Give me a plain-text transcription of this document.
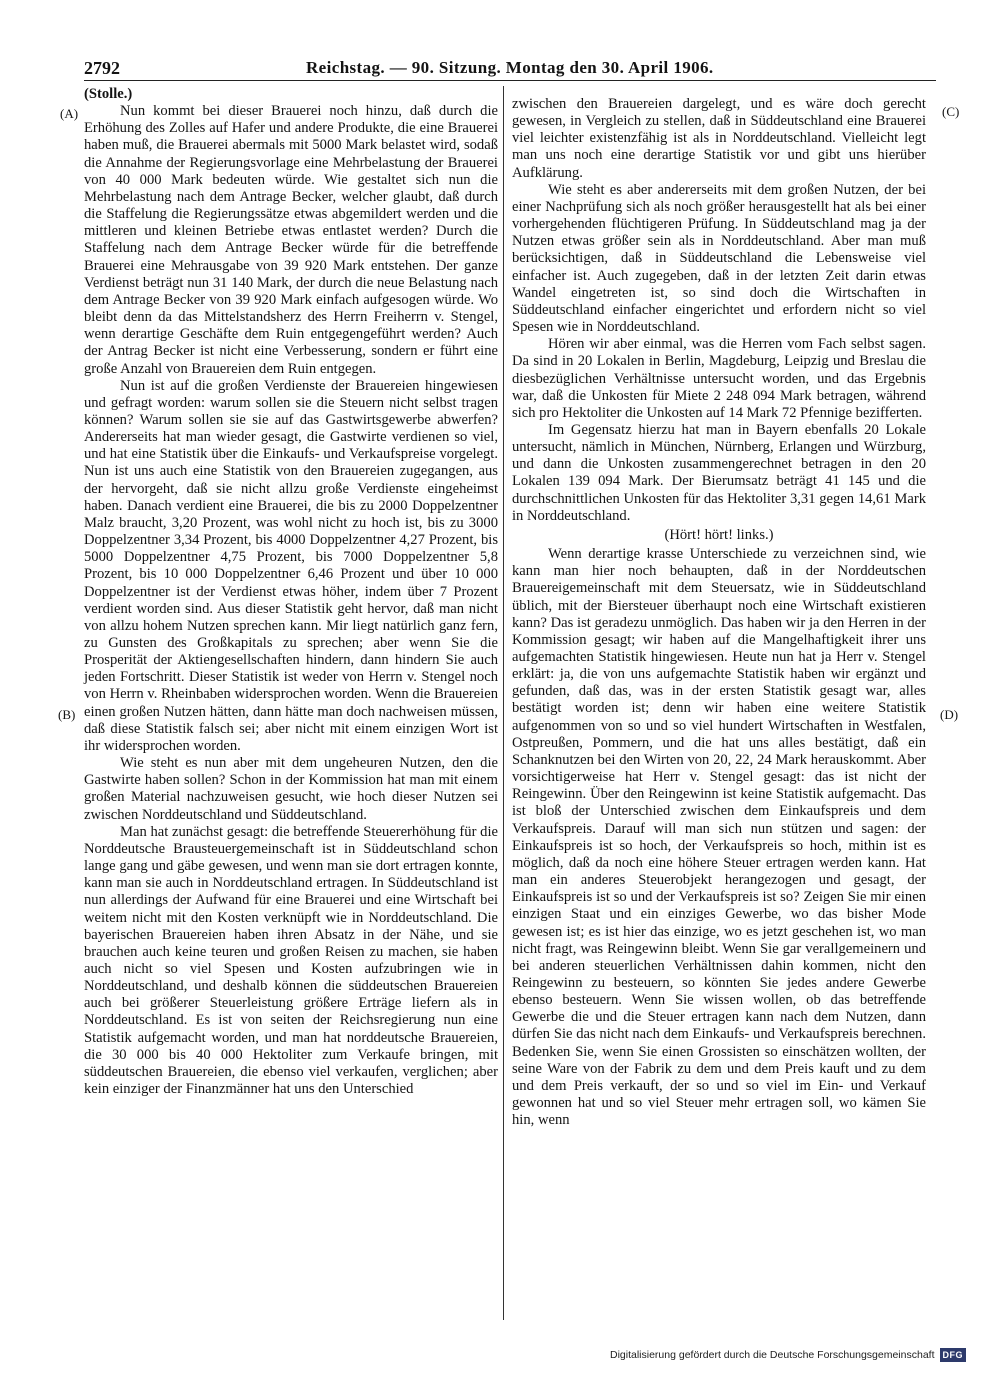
2792	Reichstag. — 90. Sitzung. Montag den 30. April 1906.
(A)
(B)
(C)
(D)

(Stolle.)

Nun kommt bei dieser Brauerei noch hinzu, daß durch die Erhöhung des Zolles auf Hafer und andere Produkte, die eine Brauerei haben muß, die Brauerei abermals mit 5000 Mark belastet wird, sodaß die Annahme der Regierungsvorlage eine Mehrbelastung der Brauerei von 40 000 Mark bedeuten würde. Wie gestaltet sich nun die Mehrbelastung nach dem Antrage Becker, welcher glaubt, daß durch die Staffelung die Regierungssätze etwas abgemildert werden und die mittleren und kleinen Betriebe etwas entlastet werden? Durch die Staffelung nach dem Antrage Becker würde für die betreffende Brauerei eine Mehrausgabe von 39 920 Mark entstehen. Der ganze Verdienst beträgt nun 31 140 Mark, der durch die neue Belastung nach dem Antrage Becker von 39 920 Mark einfach aufgesogen würde. Wo bleibt denn da das Mittelstandsherz des Herrn Freiherrn v. Stengel, wenn derartige Geschäfte dem Ruin entgegengeführt werden? Auch der Antrag Becker ist nicht eine Verbesserung, sondern er führt eine große Anzahl von Brauereien dem Ruin entgegen.

Nun ist auf die großen Verdienste der Brauereien hingewiesen und gefragt worden: warum sollen sie die Steuern nicht selbst tragen können? Warum sollen sie sie auf das Gastwirtsgewerbe abwerfen? Andererseits hat man wieder gesagt, die Gastwirte verdienen so viel, und hat eine Statistik über die Einkaufs- und Verkaufspreise vorgelegt. Nun ist uns auch eine Statistik von den Brauereien zugegangen, aus der hervorgeht, daß sie nicht allzu große Verdienste eingeheimst haben. Danach verdient eine Brauerei, die bis zu 2000 Doppelzentner Malz braucht, 3,20 Prozent, was wohl nicht zu hoch ist, bis zu 3000 Doppelzentner 3,34 Prozent, bis 4000 Doppelzentner 4,27 Prozent, bis 5000 Doppelzentner 4,75 Prozent, bis 7000 Doppelzentner 5,8 Prozent, bis 10 000 Doppelzentner 6,46 Prozent und über 10 000 Doppelzentner ist der Verdienst etwas höher, indem über 7 Prozent verdient worden sind. Aus dieser Statistik geht hervor, daß man nicht von allzu hohem Nutzen sprechen kann. Mir liegt natürlich ganz fern, zu Gunsten des Großkapitals zu sprechen; aber wenn Sie die Prosperität der Aktiengesellschaften hindern, dann hindern Sie auch jeden Fortschritt. Dieser Statistik ist weder von Herrn v. Stengel noch von Herrn v. Rheinbaben widersprochen worden. Wenn die Brauereien einen großen Nutzen hätten, dann hätte man doch nachweisen müssen, daß diese Statistik falsch sei; aber nicht mit einem einzigen Wort ist ihr widersprochen worden.

Wie steht es nun aber mit dem ungeheuren Nutzen, den die Gastwirte haben sollen? Schon in der Kommission hat man mit einem großen Material nachzuweisen gesucht, wie hoch dieser Nutzen sei zwischen Norddeutschland und Süddeutschland.

Man hat zunächst gesagt: die betreffende Steuererhöhung für die Norddeutsche Brausteuergemeinschaft ist in Süddeutschland schon lange gang und gäbe gewesen, und wenn man sie dort ertragen konnte, kann man sie auch in Norddeutschland ertragen. In Süddeutschland ist nun allerdings der Aufwand für eine Brauerei und eine Wirtschaft bei weitem nicht mit den Kosten verknüpft wie in Norddeutschland. Die bayerischen Brauereien haben ihren Absatz in der Nähe, und sie brauchen auch keine teuren und großen Reisen zu machen, sie haben auch nicht so viel Spesen und Kosten aufzubringen wie in Norddeutschland, und deshalb können die süddeutschen Brauereien auch bei größerer Steuerleistung größere Erträge liefern als in Norddeutschland. Es ist von seiten der Reichsregierung nun eine Statistik aufgemacht worden, und man hat norddeutsche Brauereien, die 30 000 bis 40 000 Hektoliter zum Verkaufe bringen, mit süddeutschen Brauereien, die ebenso viel verkaufen, verglichen; aber kein einziger der Finanzmänner hat uns den Unterschied

zwischen den Brauereien dargelegt, und es wäre doch gerecht gewesen, in Vergleich zu stellen, daß in Süddeutschland eine Brauerei viel leichter existenzfähig ist als in Norddeutschland. Vielleicht legt man uns noch eine derartige Statistik vor und gibt uns hierüber Aufklärung.

Wie steht es aber andererseits mit dem großen Nutzen, der bei einer Nachprüfung sich als noch größer herausgestellt hat als bei einer vorhergehenden flüchtigeren Prüfung. In Süddeutschland mag ja der Nutzen etwas größer sein als in Norddeutschland. Aber man muß berücksichtigen, daß in Süddeutschland die Lebensweise viel einfacher ist. Auch zugegeben, daß in der letzten Zeit darin etwas Wandel eingetreten ist, so sind doch die Wirtschaften in Süddeutschland einfacher eingerichtet und erfordern nicht so viel Spesen wie in Norddeutschland.

Hören wir aber einmal, was die Herren vom Fach selbst sagen. Da sind in 20 Lokalen in Berlin, Magdeburg, Leipzig und Breslau die diesbezüglichen Verhältnisse untersucht worden, und das Ergebnis war, daß die Unkosten für Miete 2 248 094 Mark betragen, während sich pro Hektoliter die Unkosten auf 14 Mark 72 Pfennige bezifferten.

Im Gegensatz hierzu hat man in Bayern ebenfalls 20 Lokale untersucht, nämlich in München, Nürnberg, Erlangen und Würzburg, und dann die Unkosten zusammengerechnet betragen in den 20 Lokalen 139 094 Mark. Der Bierumsatz beträgt 41 145 und die durchschnittlichen Unkosten für das Hektoliter 3,31 gegen 14,61 Mark in Norddeutschland.

(Hört! hört! links.)

Wenn derartige krasse Unterschiede zu verzeichnen sind, wie kann man hier noch behaupten, daß in der Norddeutschen Brauereigemeinschaft mit dem Steuersatz, wie in Süddeutschland üblich, mit der Biersteuer überhaupt noch eine Wirtschaft existieren kann? Das ist geradezu unmöglich. Das haben wir ja den Herren in der Kommission gesagt; wir haben auf die Mangelhaftigkeit ihrer uns aufgemachten Statistik hingewiesen. Heute nun hat ja Herr v. Stengel erklärt: ja, die von uns aufgemachte Statistik haben wir ergänzt und gefunden, daß das, was in der ersten Statistik gesagt war, alles bestätigt worden ist; denn wir haben eine weitere Statistik aufgenommen von so und so viel hundert Wirtschaften in Westfalen, Ostpreußen, Pommern, und die hat uns alles bestätigt, daß ein Schanknutzen bei den Wirten von 20, 22, 24 Mark herauskommt. Aber vorsichtigerweise hat Herr v. Stengel gesagt: das ist nicht der Reingewinn. Über den Reingewinn ist keine Statistik aufgemacht. Das ist bloß der Unterschied zwischen dem Einkaufspreis und dem Verkaufspreis. Darauf will man sich nun stützen und sagen: der Einkaufspreis ist so hoch, der Verkaufspreis so hoch, mithin ist es möglich, daß da noch eine höhere Steuer ertragen werden kann. Hat man ein anderes Steuerobjekt herangezogen und gesagt, der Einkaufspreis ist so und der Verkaufspreis ist so? Zeigen Sie mir einen einzigen Staat und ein einziges Gewerbe, wo das bisher Mode gewesen ist; es ist hier das einzige, wo es jetzt geschehen ist, wo man nicht fragt, was Reingewinn bleibt. Wenn Sie gar verallgemeinern und bei anderen steuerlichen Verhältnissen dahin kommen, nicht den Reingewinn zu besteuern, so könnten Sie jedes andere Gewerbe ebenso besteuern. Wenn Sie wissen wollen, ob das betreffende Gewerbe die und die Steuer ertragen kann nach dem Nutzen, dann dürfen Sie das nicht nach dem Einkaufs- und Verkaufspreis berechnen. Bedenken Sie, wenn Sie einen Grossisten so einschätzen wollten, der seine Ware von der Fabrik zu dem und dem Preis kauft und zu dem und dem Preis verkauft, der so und so viel im Ein- und Verkauf gewonnen hat und so viel Steuer mehr ertragen soll, wo kämen Sie hin, wenn

Digitalisierung gefördert durch die Deutsche Forschungsgemeinschaft DFG
